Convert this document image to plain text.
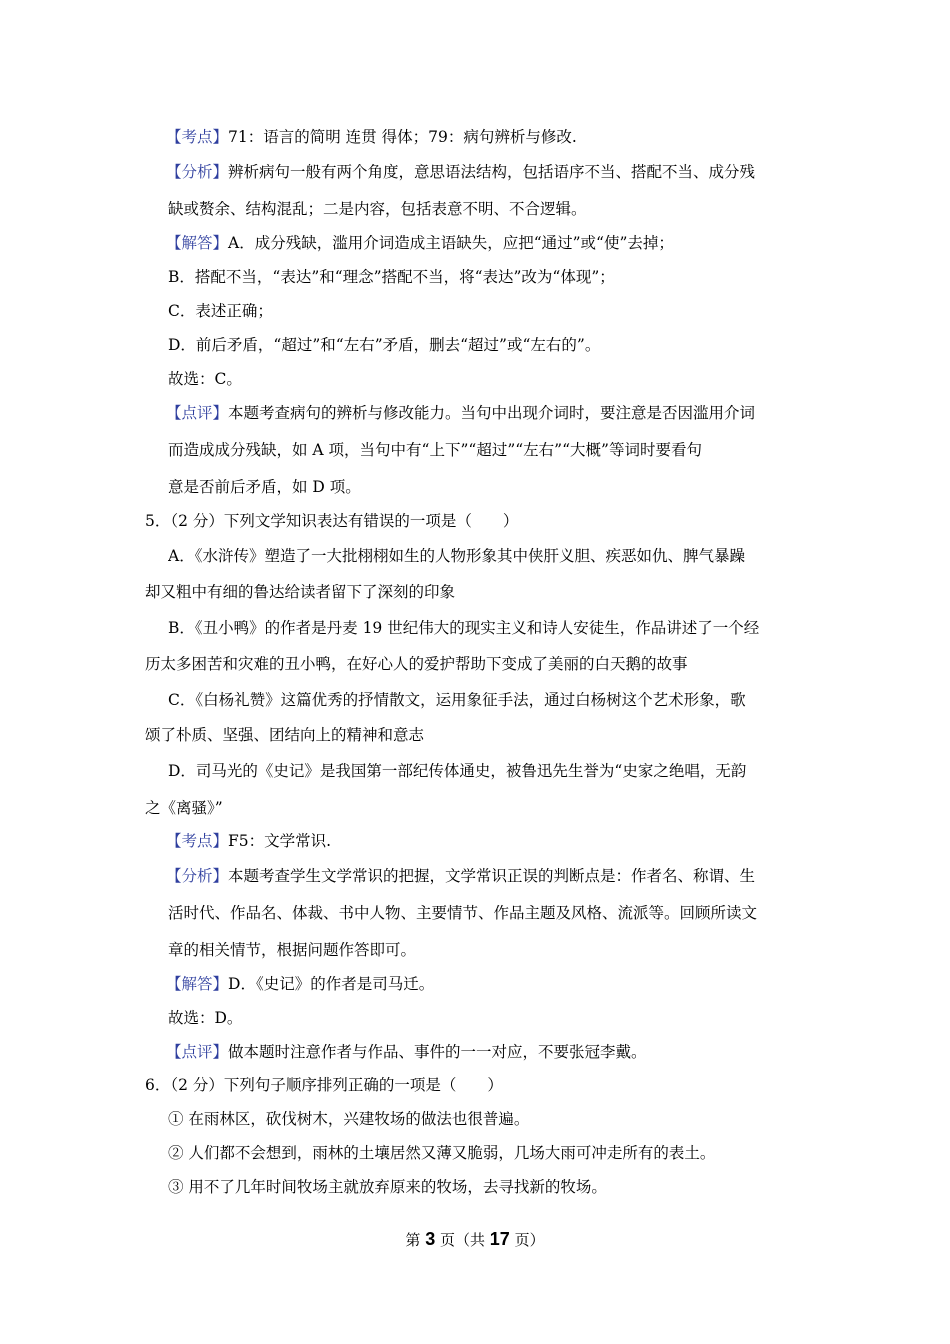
【考点】71：语言的简明 连贯 得体；79：病句辨析与修改.
【分析】辨析病句一般有两个角度，意思语法结构，包括语序不当、搭配不当、成分残
缺或赘余、结构混乱；二是内容，包括表意不明、不合逻辑。
【解答】A．成分残缺，滥用介词造成主语缺失，应把“通过”或“使”去掉；
B．搭配不当，“表达”和“理念”搭配不当，将“表达”改为“体现”；
C．表述正确；
D．前后矛盾，“超过”和“左右”矛盾，删去“超过”或“左右的”。
故选：C。
【点评】本题考查病句的辨析与修改能力。当句中出现介词时，要注意是否因滥用介词
而造成成分残缺，如 A 项，当句中有“上下”“超过”“左右”“大概”等词时要看句
意是否前后矛盾，如 D 项。
5．（2 分）下列文学知识表达有错误的一项是（　　）
A．《水浒传》塑造了一大批栩栩如生的人物形象其中侠肝义胆、疾恶如仇、脾气暴躁
却又粗中有细的鲁达给读者留下了深刻的印象
B．《丑小鸭》的作者是丹麦 19 世纪伟大的现实主义和诗人安徒生，作品讲述了一个经
历太多困苦和灾难的丑小鸭，在好心人的爱护帮助下变成了美丽的白天鹅的故事
C．《白杨礼赞》这篇优秀的抒情散文，运用象征手法，通过白杨树这个艺术形象，歌
颂了朴质、坚强、团结向上的精神和意志
D．司马光的《史记》是我国第一部纪传体通史，被鲁迅先生誉为“史家之绝唱，无韵
之《离骚》”
【考点】F5：文学常识.
【分析】本题考查学生文学常识的把握，文学常识正误的判断点是：作者名、称谓、生
活时代、作品名、体裁、书中人物、主要情节、作品主题及风格、流派等。回顾所读文
章的相关情节，根据问题作答即可。
【解答】D．《史记》的作者是司马迁。
故选：D。
【点评】做本题时注意作者与作品、事件的一一对应，不要张冠李戴。
6．（2 分）下列句子顺序排列正确的一项是（　　）
① 在雨林区，砍伐树木，兴建牧场的做法也很普遍。
② 人们都不会想到，雨林的土壤居然又薄又脆弱，几场大雨可冲走所有的表土。
③ 用不了几年时间牧场主就放弃原来的牧场，去寻找新的牧场。
第 3 页（共 17 页）
